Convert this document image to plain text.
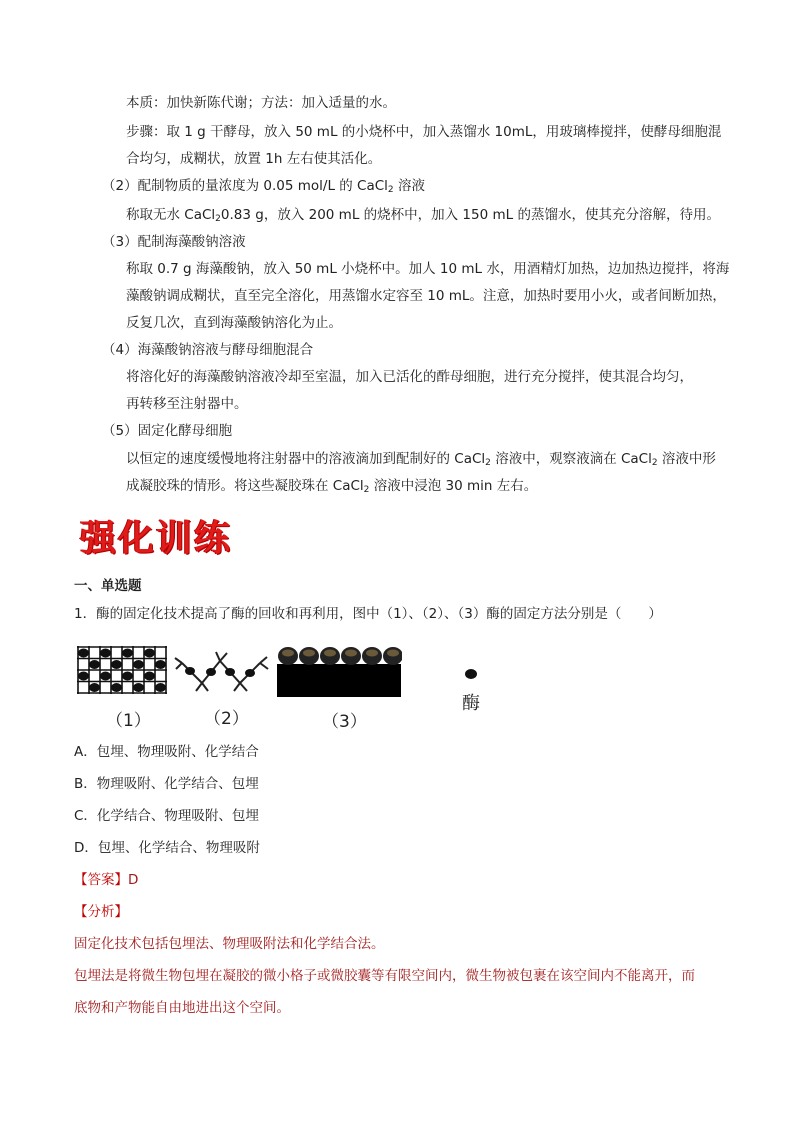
本质：加快新陈代谢；方法：加入适量的水。
步骤：取 1 g 干酵母，放入 50 mL 的小烧杯中，加入蒸馏水 10mL，用玻璃棒搅拌，使酵母细胞混
合均匀，成糊状，放置 1h 左右使其活化。
（2）配制物质的量浓度为 0.05 mol/L 的 CaCl$_2$ 溶液
称取无水 CaCl$_2$0.83 g，放入 200 mL 的烧杯中，加入 150 mL 的蒸馏水，使其充分溶解，待用。
（3）配制海藻酸钠溶液
称取 0.7 g 海藻酸钠，放入 50 mL 小烧杯中。加人 10 mL 水，用酒精灯加热，边加热边搅拌，将海
藻酸钠调成糊状，直至完全溶化，用蒸馏水定容至 10 mL。注意，加热时要用小火，或者间断加热，
反复几次，直到海藻酸钠溶化为止。
（4）海藻酸钠溶液与酵母细胞混合
将溶化好的海藻酸钠溶液冷却至室温，加入已活化的酢母细胞，进行充分搅拌，使其混合均匀，
再转移至注射器中。
（5）固定化酵母细胞
以恒定的速度缓慢地将注射器中的溶液滴加到配制好的 CaCl$_2$ 溶液中，观察液滴在 CaCl$_2$ 溶液中形
成凝胶珠的情形。将这些凝胶珠在 CaCl$_2$ 溶液中浸泡 30 min 左右。
强化训练
一、单选题
1．酶的固定化技术提高了酶的回收和再利用，图中（1）、（2）、（3）酶的固定方法分别是（　　）
（1）	（2）	（3）
酶
A．包埋、物理吸附、化学结合
B．物理吸附、化学结合、包埋
C．化学结合、物理吸附、包埋
D．包埋、化学结合、物理吸附
【答案】D
【分析】
固定化技术包括包埋法、物理吸附法和化学结合法。
包埋法是将微生物包埋在凝胶的微小格子或微胶囊等有限空间内，微生物被包裹在该空间内不能离开，而
底物和产物能自由地进出这个空间。
